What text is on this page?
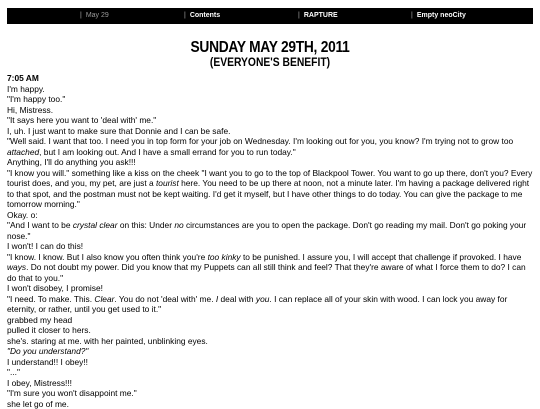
| May 29	| Contents	| RAPTURE	| Empty neoCity
SUNDAY MAY 29TH, 2011
(EVERYONE'S BENEFIT)
7:05 AM
I'm happy.
"I'm happy too."
Hi, Mistress.
"It says here you want to 'deal with' me."
I, uh. I just want to make sure that Donnie and I can be safe.
"Well said. I want that too. I need you in top form for your job on Wednesday. I'm looking out for you, you know? I'm trying not to grow too attached, but I am looking out. And I have a small errand for you to run today."
Anything, I'll do anything you ask!!!
"I know you will." something like a kiss on the cheek "I want you to go to the top of Blackpool Tower. You want to go up there, don't you? Every tourist does, and you, my pet, are just a tourist here. You need to be up there at noon, not a minute later. I'm having a package delivered right to that spot, and the postman must not be kept waiting. I'd get it myself, but I have other things to do today. You can give the package to me tomorrow morning."
Okay. o:
"And I want to be crystal clear on this: Under no circumstances are you to open the package. Don't go reading my mail. Don't go poking your nose."
I won't! I can do this!
"I know. I know. But I also know you often think you're too kinky to be punished. I assure you, I will accept that challenge if provoked. I have ways. Do not doubt my power. Did you know that my Puppets can all still think and feel? That they're aware of what I force them to do? I can do that to you."
I won't disobey, I promise!
"I need. To make. This. Clear. You do not 'deal with' me. I deal with you. I can replace all of your skin with wood. I can lock you away for eternity, or rather, until you get used to it."
grabbed my head
pulled it closer to hers.
she's. staring at me. with her painted, unblinking eyes.
"Do you understand?"
I understand!! I obey!!
"..."
I obey, Mistress!!!
"I'm sure you won't disappoint me."
she let go of me.
